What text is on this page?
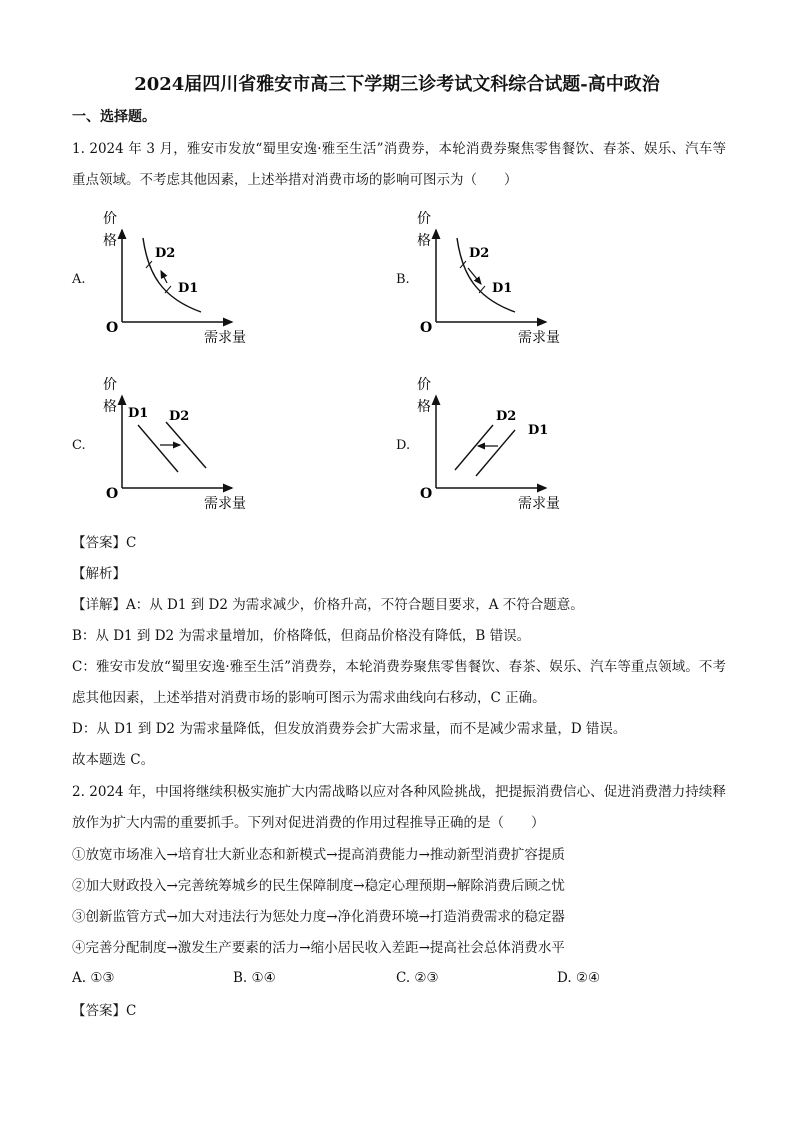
2024届四川省雅安市高三下学期三诊考试文科综合试题-高中政治
一、选择题。
1. 2024 年 3 月，雅安市发放“蜀里安逸·雅至生活”消费券，本轮消费券聚焦零售餐饮、春茶、娱乐、汽车等重点领域。不考虑其他因素，上述举措对消费市场的影响可图示为（　　）
A.	B.
C.	D.
价
格
O
需求量
D2
D1
价
格
O
需求量
D2
D1
价
格
O
需求量
D1 D2
价
格
O
需求量
D2
D1
【答案】C
【解析】
【详解】A：从 D1 到 D2 为需求减少，价格升高，不符合题目要求，A 不符合题意。
B：从 D1 到 D2 为需求量增加，价格降低，但商品价格没有降低，B 错误。
C：雅安市发放“蜀里安逸·雅至生活”消费券，本轮消费券聚焦零售餐饮、春茶、娱乐、汽车等重点领域。不考虑其他因素，上述举措对消费市场的影响可图示为需求曲线向右移动，C 正确。
D：从 D1 到 D2 为需求量降低，但发放消费券会扩大需求量，而不是减少需求量，D 错误。
故本题选 C。
2. 2024 年，中国将继续积极实施扩大内需战略以应对各种风险挑战，把提振消费信心、促进消费潜力持续释放作为扩大内需的重要抓手。下列对促进消费的作用过程推导正确的是（　　）
①放宽市场准入→培育壮大新业态和新模式→提高消费能力→推动新型消费扩容提质
②加大财政投入→完善统筹城乡的民生保障制度→稳定心理预期→解除消费后顾之忧
③创新监管方式→加大对违法行为惩处力度→净化消费环境→打造消费需求的稳定器
④完善分配制度→激发生产要素的活力→缩小居民收入差距→提高社会总体消费水平
A. ①③	B. ①④	C. ②③	D. ②④
【答案】C
